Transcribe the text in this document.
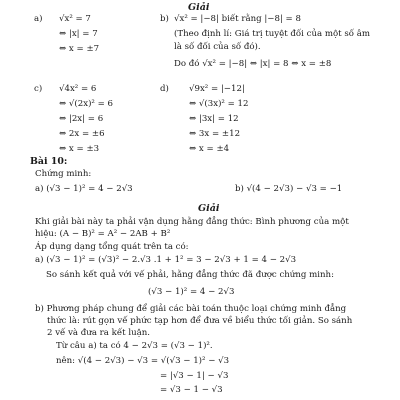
Giải
a) √x² = 7
⇔ |x| = 7
⇔ x = ±7
b) √x² = |−8| biết rằng |−8| = 8
(Theo định lí: Giá trị tuyệt đối của một số âm
là số đối của số đó).
Do đó √x² = |−8| ⇔ |x| = 8 ⇔ x = ±8
c) √4x² = 6
⇔ √(2x)² = 6
⇔ |2x| = 6
⇔ 2x = ±6
⇔ x = ±3
d) √9x² = |−12|
⇔ √(3x)² = 12
⇔ |3x| = 12
⇔ 3x = ±12
⇔ x = ±4
Bài 10:
Chứng minh:
a) (√3 − 1)² = 4 − 2√3	b) √(4 − 2√3) − √3 = −1
Giải
Khi giải bài này ta phải vận dụng hằng đẳng thức: Bình phương của một
hiệu: (A − B)² = A² − 2AB + B²
Áp dụng dạng tổng quát trên ta có:
a) (√3 − 1)² = (√3)² − 2.√3 .1 + 1² = 3 − 2√3 + 1 = 4 − 2√3
So sánh kết quả với vế phải, hằng đẳng thức đã được chứng minh:
(√3 − 1)² = 4 − 2√3
b) Phương pháp chung để giải các bài toán thuộc loại chứng minh đẳng
thức là: rút gọn vế phức tạp hơn để đưa về biểu thức tối giản. So sánh
2 vế và đưa ra kết luận.
Từ câu a) ta có 4 − 2√3 = (√3 − 1)².
nên: √(4 − 2√3) − √3 = √(√3 − 1)² − √3
= |√3 − 1| − √3
= √3 − 1 − √3
